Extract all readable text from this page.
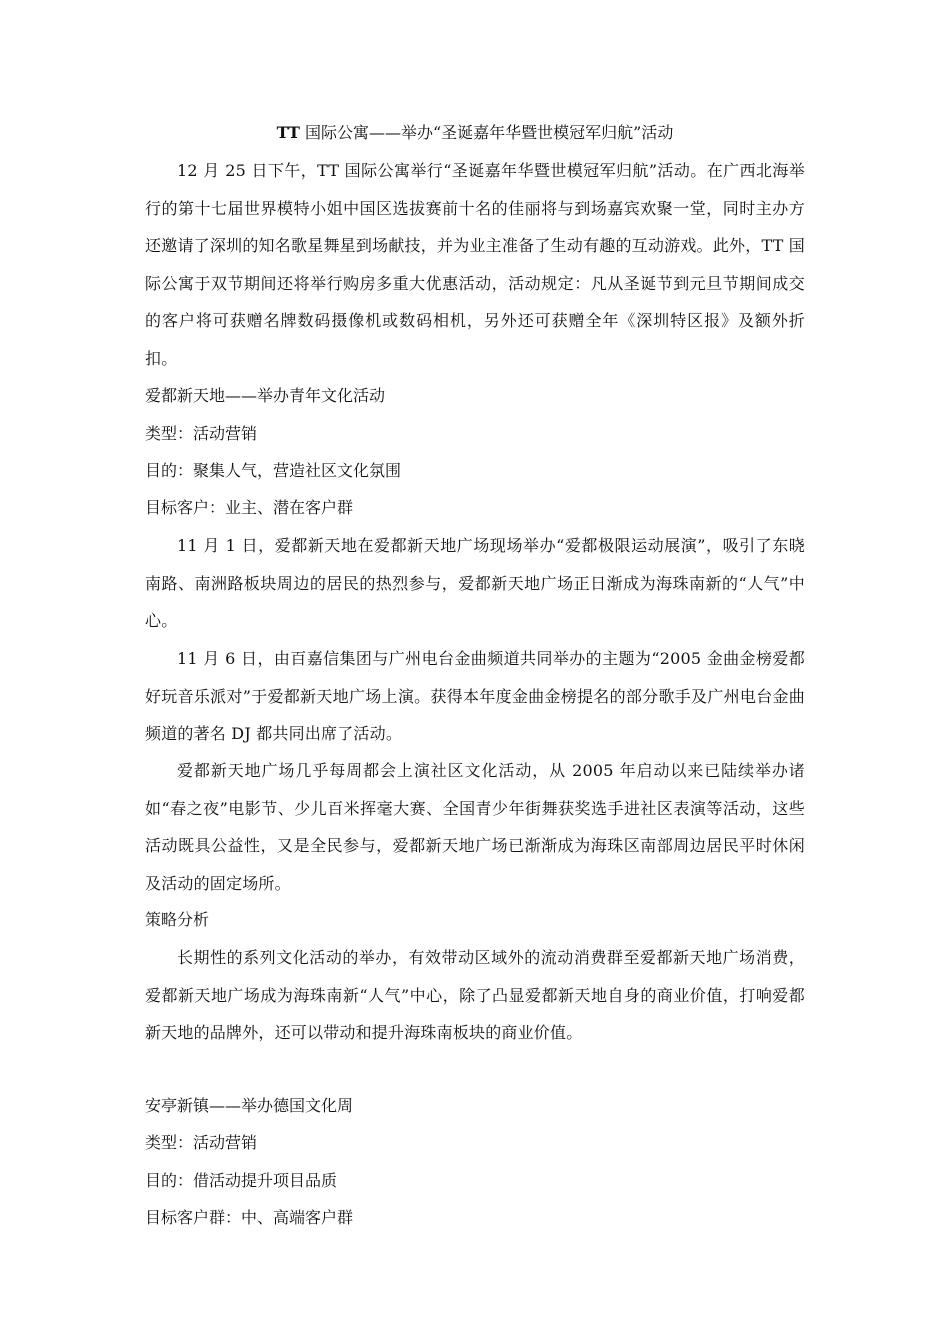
TT 国际公寓——举办“圣诞嘉年华暨世模冠军归航”活动
12 月 25 日下午，TT 国际公寓举行“圣诞嘉年华暨世模冠军归航”活动。在广西北海举行的第十七届世界模特小姐中国区选拔赛前十名的佳丽将与到场嘉宾欢聚一堂，同时主办方还邀请了深圳的知名歌星舞星到场献技，并为业主准备了生动有趣的互动游戏。此外，TT 国际公寓于双节期间还将举行购房多重大优惠活动，活动规定：凡从圣诞节到元旦节期间成交的客户将可获赠名牌数码摄像机或数码相机，另外还可获赠全年《深圳特区报》及额外折扣。
爱都新天地——举办青年文化活动
类型：活动营销
目的：聚集人气，营造社区文化氛围
目标客户：业主、潜在客户群
11 月 1 日，爱都新天地在爱都新天地广场现场举办“爱都极限运动展演”，吸引了东晓南路、南洲路板块周边的居民的热烈参与，爱都新天地广场正日渐成为海珠南新的“人气”中心。
11 月 6 日，由百嘉信集团与广州电台金曲频道共同举办的主题为“2005 金曲金榜爱都好玩音乐派对”于爱都新天地广场上演。获得本年度金曲金榜提名的部分歌手及广州电台金曲频道的著名 DJ 都共同出席了活动。
爱都新天地广场几乎每周都会上演社区文化活动，从 2005 年启动以来已陆续举办诸如“春之夜”电影节、少儿百米挥毫大赛、全国青少年街舞获奖选手进社区表演等活动，这些活动既具公益性，又是全民参与，爱都新天地广场已渐渐成为海珠区南部周边居民平时休闲及活动的固定场所。
策略分析
长期性的系列文化活动的举办，有效带动区域外的流动消费群至爱都新天地广场消费，爱都新天地广场成为海珠南新“人气”中心，除了凸显爱都新天地自身的商业价值，打响爱都新天地的品牌外，还可以带动和提升海珠南板块的商业价值。
安亭新镇——举办德国文化周
类型：活动营销
目的：借活动提升项目品质
目标客户群：中、高端客户群
